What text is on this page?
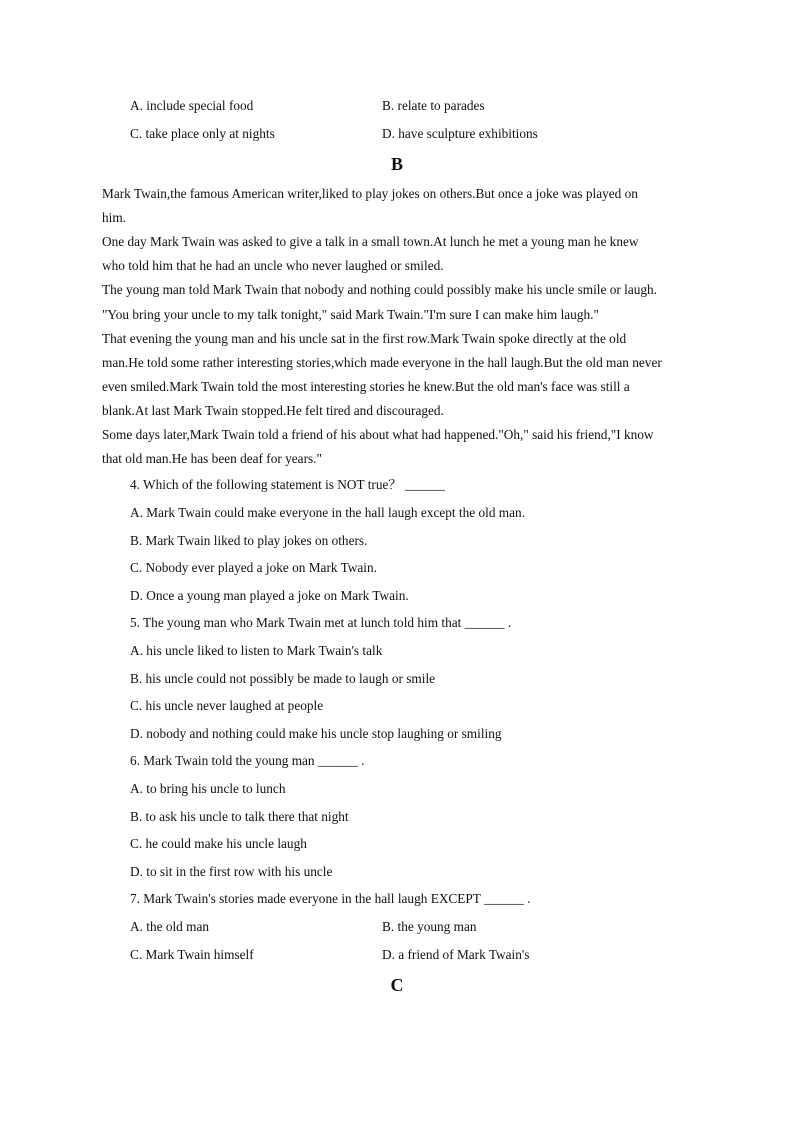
A. include special food	B. relate to parades
C. take place only at nights	D. have sculpture exhibitions
B
Mark Twain,the famous American writer,liked to play jokes on others.But once a joke was played on
him.
One day Mark Twain was asked to give a talk in a small town.At lunch he met a young man he knew
who told him that he had an uncle who never laughed or smiled.
The young man told Mark Twain that nobody and nothing could possibly make his uncle smile or laugh.
"You bring your uncle to my talk tonight," said Mark Twain."I'm sure I can make him laugh."
That evening the young man and his uncle sat in the first row.Mark Twain spoke directly at the old
man.He told some rather interesting stories,which made everyone in the hall laugh.But the old man never
even smiled.Mark Twain told the most interesting stories he knew.But the old man's face was still a
blank.At last Mark Twain stopped.He felt tired and discouraged.
Some days later,Mark Twain told a friend of his about what had happened."Oh," said his friend,"I know
that old man.He has been deaf for years."
4. Which of the following statement is NOT true？ ______
A. Mark Twain could make everyone in the hall laugh except the old man.
B. Mark Twain liked to play jokes on others.
C. Nobody ever played a joke on Mark Twain.
D. Once a young man played a joke on Mark Twain.
5. The young man who Mark Twain met at lunch told him that ______ .
A. his uncle liked to listen to Mark Twain's talk
B. his uncle could not possibly be made to laugh or smile
C. his uncle never laughed at people
D. nobody and nothing could make his uncle stop laughing or smiling
6. Mark Twain told the young man ______ .
A. to bring his uncle to lunch
B. to ask his uncle to talk there that night
C. he could make his uncle laugh
D. to sit in the first row with his uncle
7. Mark Twain's stories made everyone in the hall laugh EXCEPT ______ .
A. the old man	B. the young man
C. Mark Twain himself	D. a friend of Mark Twain's
C
